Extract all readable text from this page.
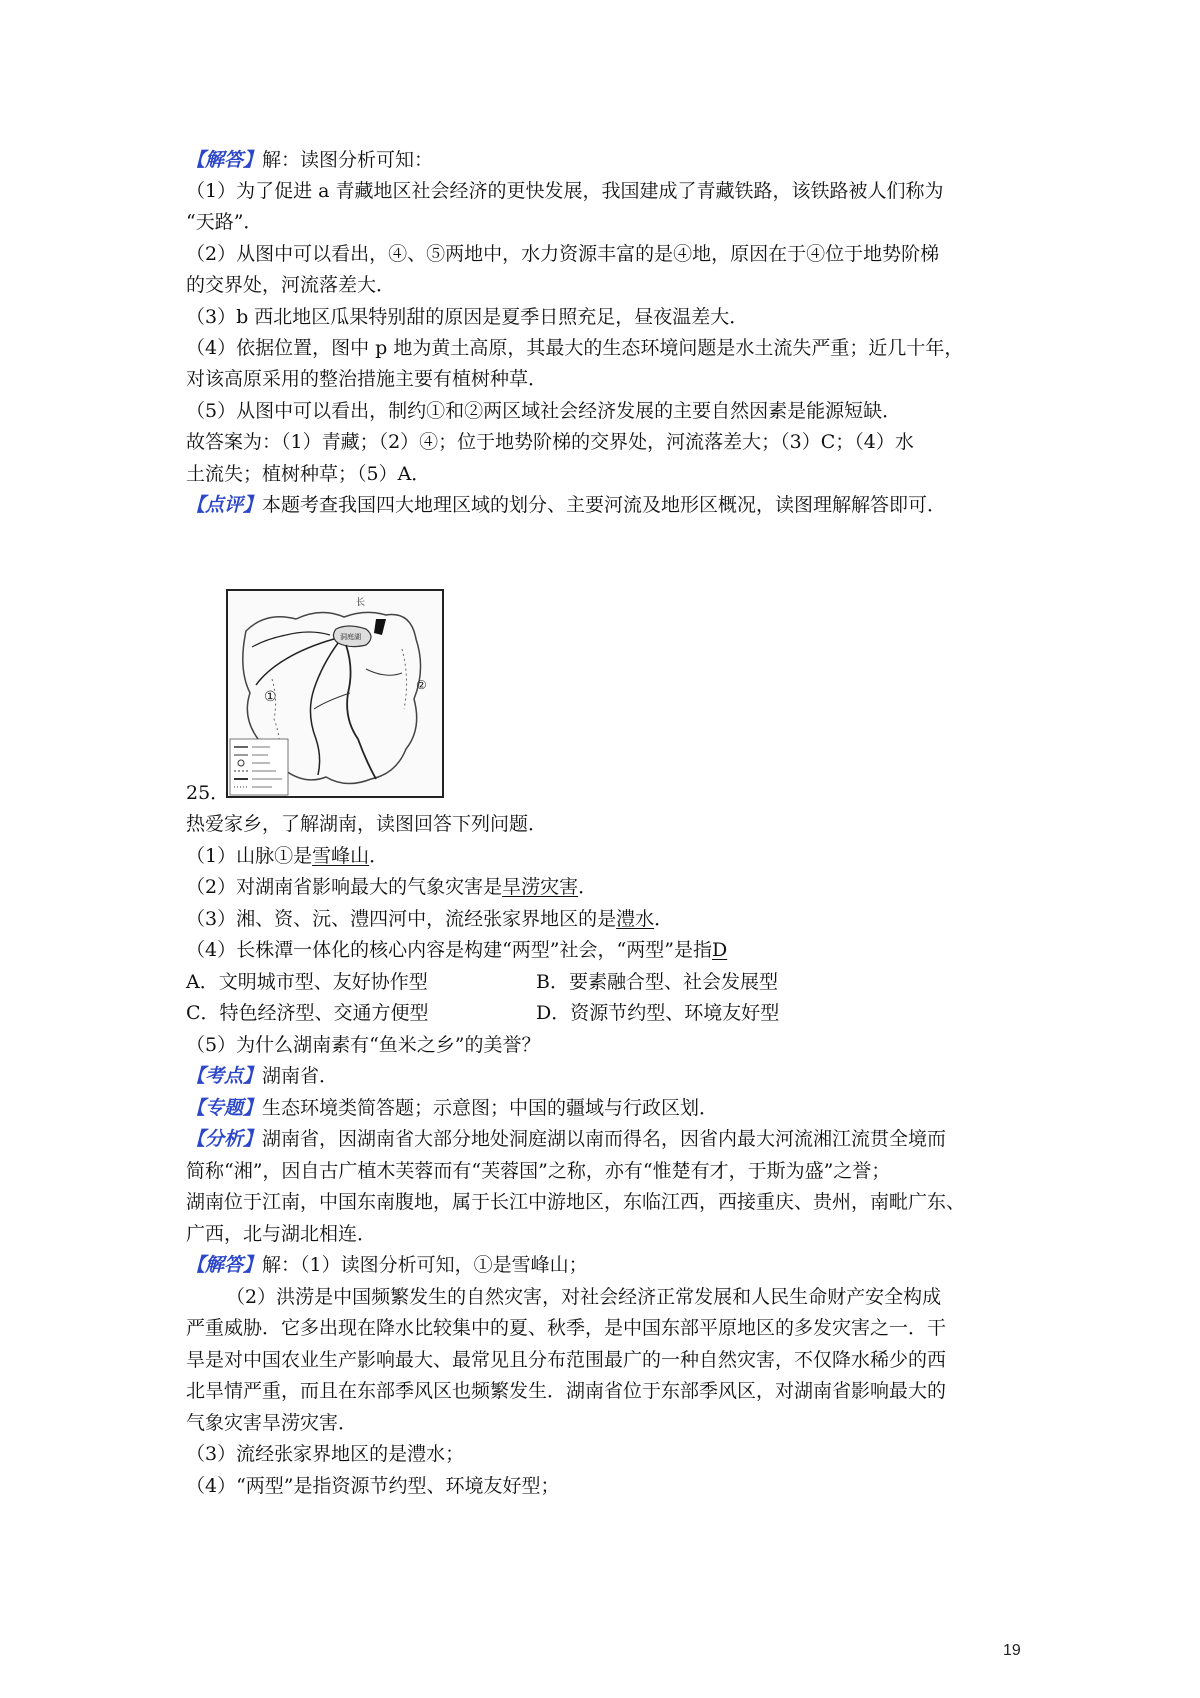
【解答】解：读图分析可知：
（1）为了促进 a 青藏地区社会经济的更快发展，我国建成了青藏铁路，该铁路被人们称为
“天路”．
（2）从图中可以看出，④、⑤两地中，水力资源丰富的是④地，原因在于④位于地势阶梯
的交界处，河流落差大．
（3）b 西北地区瓜果特别甜的原因是夏季日照充足，昼夜温差大．
（4）依据位置，图中 p 地为黄土高原，其最大的生态环境问题是水土流失严重；近几十年，
对该高原采用的整治措施主要有植树种草．
（5）从图中可以看出，制约①和②两区域社会经济发展的主要自然因素是能源短缺．
故答案为：（1）青藏；（2）④；位于地势阶梯的交界处，河流落差大；（3）C；（4）水
土流失；植树种草；（5）A．
【点评】本题考查我国四大地理区域的划分、主要河流及地形区概况，读图理解解答即可．
①
②
洞庭湖
长
25．
热爱家乡，了解湖南，读图回答下列问题．
（1）山脉①是雪峰山．
（2）对湖南省影响最大的气象灾害是旱涝灾害．
（3）湘、资、沅、澧四河中，流经张家界地区的是澧水．
（4）长株潭一体化的核心内容是构建“两型”社会，“两型”是指D
A．文明城市型、友好协作型	B．要素融合型、社会发展型
C．特色经济型、交通方便型	D．资源节约型、环境友好型
（5）为什么湖南素有“鱼米之乡”的美誉？
【考点】湖南省．
【专题】生态环境类简答题；示意图；中国的疆域与行政区划．
【分析】湖南省，因湖南省大部分地处洞庭湖以南而得名，因省内最大河流湘江流贯全境而
简称“湘”，因自古广植木芙蓉而有“芙蓉国”之称，亦有“惟楚有才，于斯为盛”之誉；
湖南位于江南，中国东南腹地，属于长江中游地区，东临江西，西接重庆、贵州，南毗广东、
广西，北与湖北相连．
【解答】解：（1）读图分析可知，①是雪峰山；
（2）洪涝是中国频繁发生的自然灾害，对社会经济正常发展和人民生命财产安全构成
严重威胁．它多出现在降水比较集中的夏、秋季，是中国东部平原地区的多发灾害之一．干
旱是对中国农业生产影响最大、最常见且分布范围最广的一种自然灾害，不仅降水稀少的西
北旱情严重，而且在东部季风区也频繁发生．湖南省位于东部季风区，对湖南省影响最大的
气象灾害旱涝灾害．
（3）流经张家界地区的是澧水；
（4）“两型”是指资源节约型、环境友好型；
19
